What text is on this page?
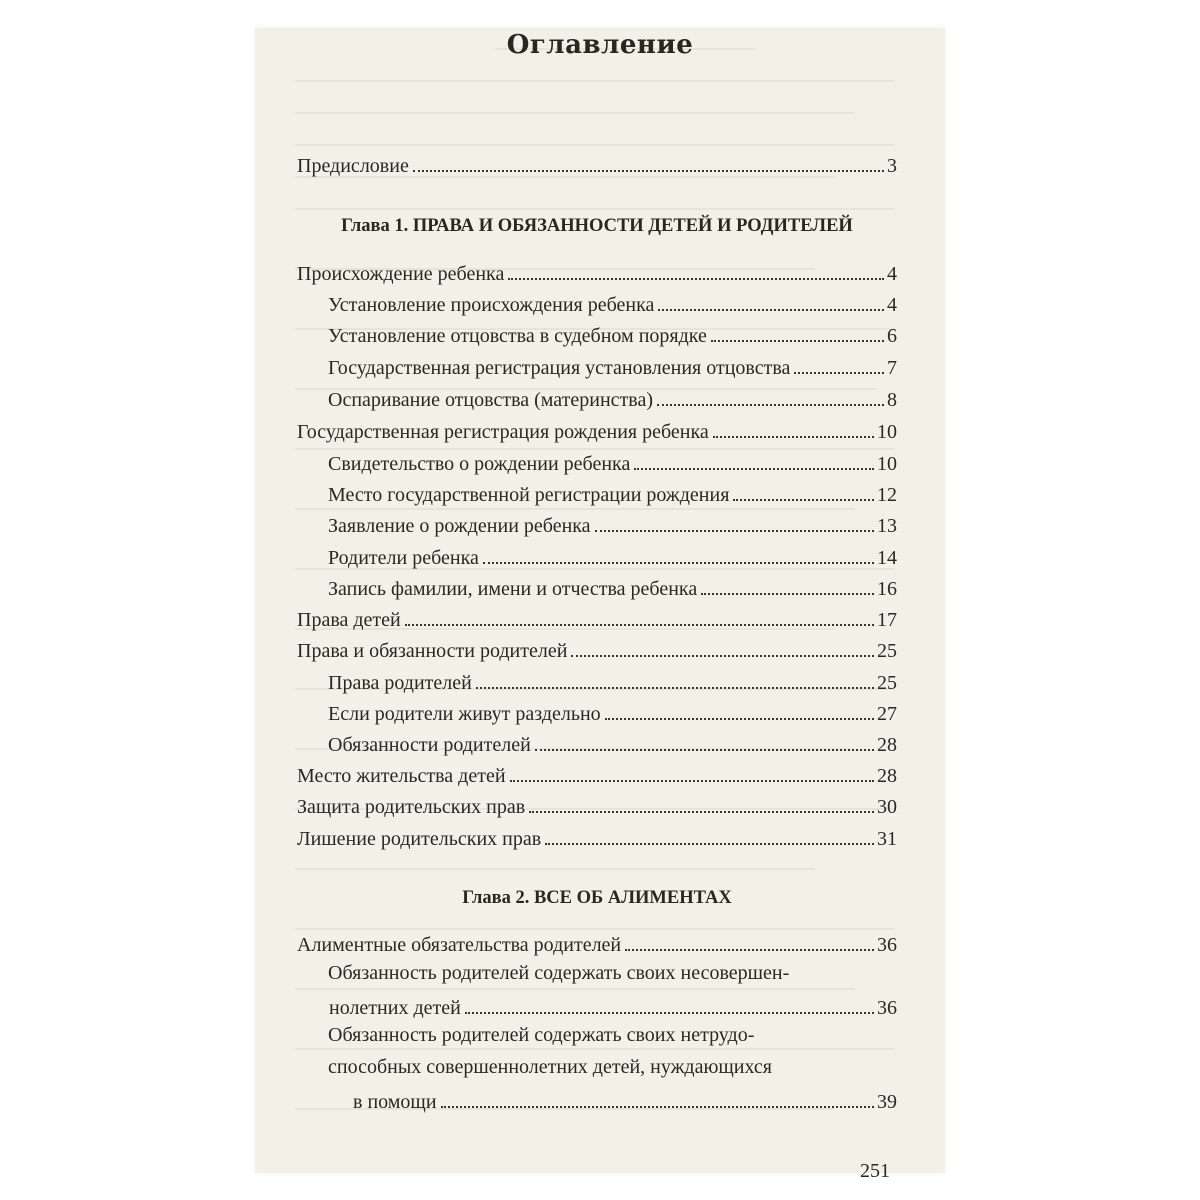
Оглавление
Предисловие	3
Глава 1. ПРАВА И ОБЯЗАННОСТИ ДЕТЕЙ И РОДИТЕЛЕЙ
Происхождение ребенка	4
Установление происхождения ребенка	4
Установление отцовства в судебном порядке	6
Государственная регистрация установления отцовства	7
Оспаривание отцовства (материнства)	8
Государственная регистрация рождения ребенка	10
Свидетельство о рождении ребенка	10
Место государственной регистрации рождения	12
Заявление о рождении ребенка	13
Родители ребенка	14
Запись фамилии, имени и отчества ребенка	16
Права детей	17
Права и обязанности родителей	25
Права родителей	25
Если родители живут раздельно	27
Обязанности родителей	28
Место жительства детей	28
Защита родительских прав	30
Лишение родительских прав	31
Глава 2. ВСЕ ОБ АЛИМЕНТАХ
Алиментные обязательства родителей	36
Обязанность родителей содержать своих несовершен-
нолетних детей	36
Обязанность родителей содержать своих нетрудо-
способных совершеннолетних детей, нуждающихся
в помощи	39
251
